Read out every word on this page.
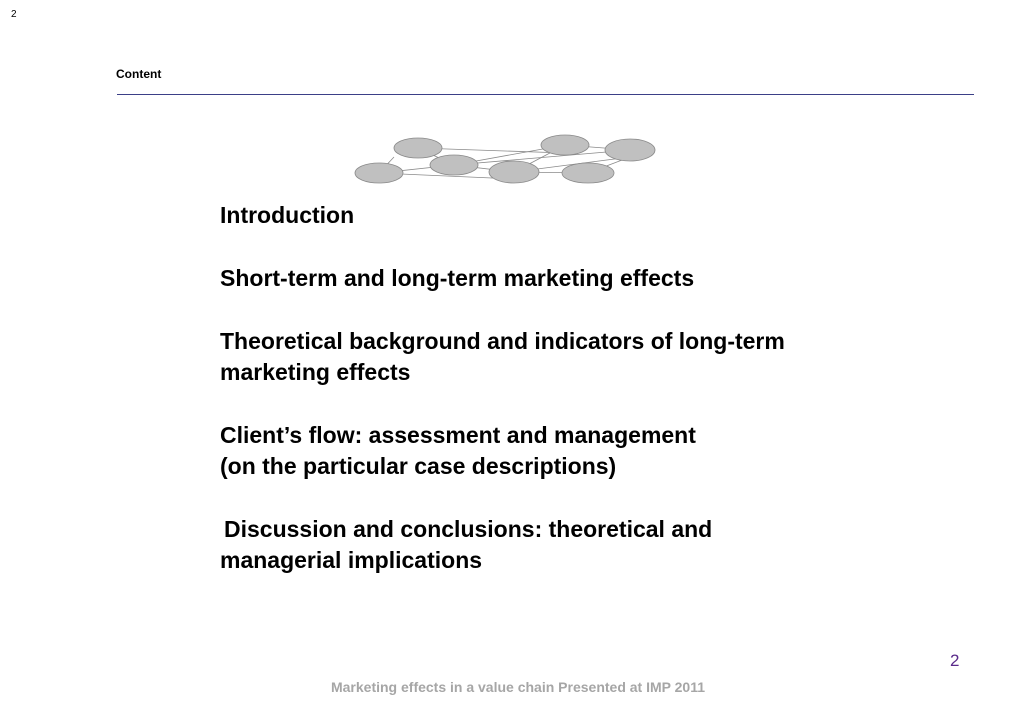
2
Content
Introduction
Short-term and long-term marketing effects
Theoretical background and indicators of long-term
marketing effects
Client’s flow: assessment and management
(on the particular case descriptions)
Discussion and conclusions: theoretical and
managerial implications
2
Marketing effects in a value chain Presented at IMP 2011
